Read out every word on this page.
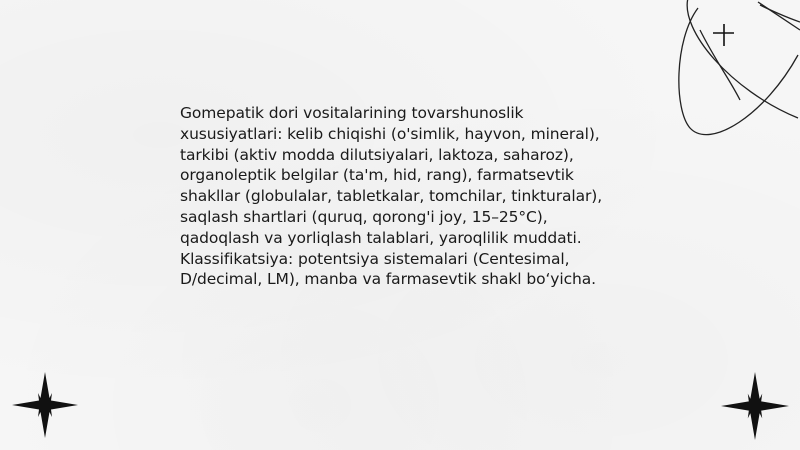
Gomepatik dori vositalarining tovarshunoslik
xususiyatlari: kelib chiqishi (o'simlik, hayvon, mineral),
tarkibi (aktiv modda dilutsiyalari, laktoza, saharoz),
organoleptik belgilar (ta'm, hid, rang), farmatsevtik
shakllar (globulalar, tabletkalar, tomchilar, tinkturalar),
saqlash shartlari (quruq, qorong'i joy, 15–25°C),
qadoqlash va yorliqlash talablari, yaroqlilik muddati.
Klassifikatsiya: potentsiya sistemalari (Centesimal,
D/decimal, LM), manba va farmasevtik shakl bo‘yicha.
